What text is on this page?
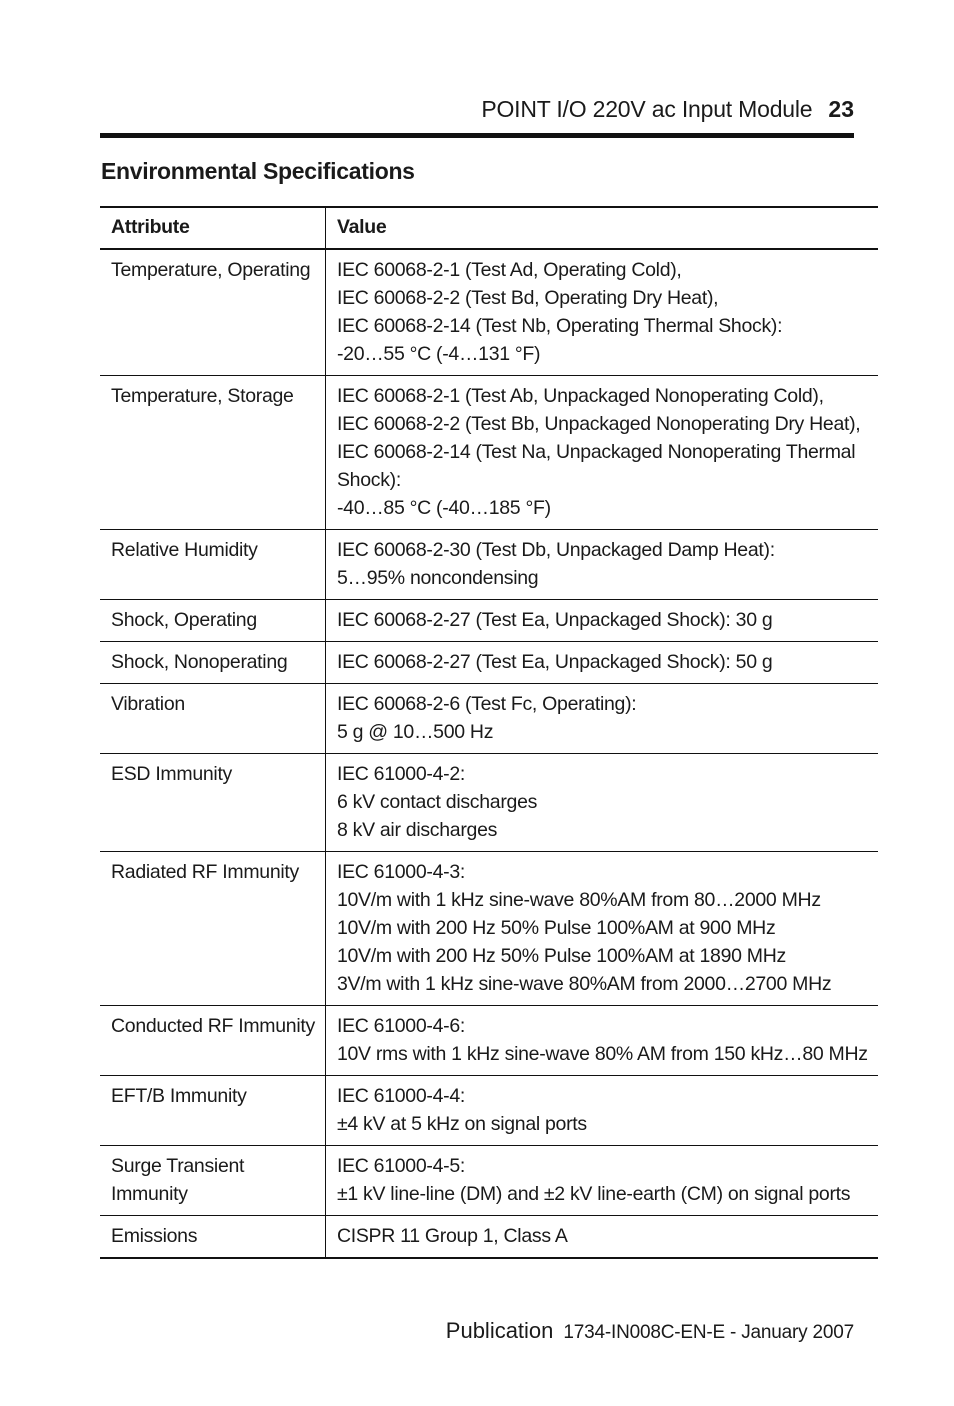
POINT I/O 220V ac Input Module 23
Environmental Specifications
Attribute	Value

Temperature, Operating	IEC 60068-2-1 (Test Ad, Operating Cold),
IEC 60068-2-2 (Test Bd, Operating Dry Heat),
IEC 60068-2-14 (Test Nb, Operating Thermal Shock):
-20…55 °C (-4…131 °F)

Temperature, Storage	IEC 60068-2-1 (Test Ab, Unpackaged Nonoperating Cold),
IEC 60068-2-2 (Test Bb, Unpackaged Nonoperating Dry Heat),
IEC 60068-2-14 (Test Na, Unpackaged Nonoperating Thermal
Shock):
-40…85 °C (-40…185 °F)

Relative Humidity	IEC 60068-2-30 (Test Db, Unpackaged Damp Heat):
5…95% noncondensing

Shock, Operating	IEC 60068-2-27 (Test Ea, Unpackaged Shock): 30 g

Shock, Nonoperating	IEC 60068-2-27 (Test Ea, Unpackaged Shock): 50 g

Vibration	IEC 60068-2-6 (Test Fc, Operating):
5 g @ 10…500 Hz

ESD Immunity	IEC 61000-4-2:
6 kV contact discharges
8 kV air discharges

Radiated RF Immunity	IEC 61000-4-3:
10V/m with 1 kHz sine-wave 80%AM from 80…2000 MHz
10V/m with 200 Hz 50% Pulse 100%AM at 900 MHz
10V/m with 200 Hz 50% Pulse 100%AM at 1890 MHz
3V/m with 1 kHz sine-wave 80%AM from 2000…2700 MHz

Conducted RF Immunity	IEC 61000-4-6:
10V rms with 1 kHz sine-wave 80% AM from 150 kHz…80 MHz

EFT/B Immunity	IEC 61000-4-4:
±4 kV at 5 kHz on signal ports

Surge Transient
Immunity	IEC 61000-4-5:
±1 kV line-line (DM) and ±2 kV line-earth (CM) on signal ports

Emissions	CISPR 11 Group 1, Class A
Publication 1734-IN008C-EN-E - January 2007
